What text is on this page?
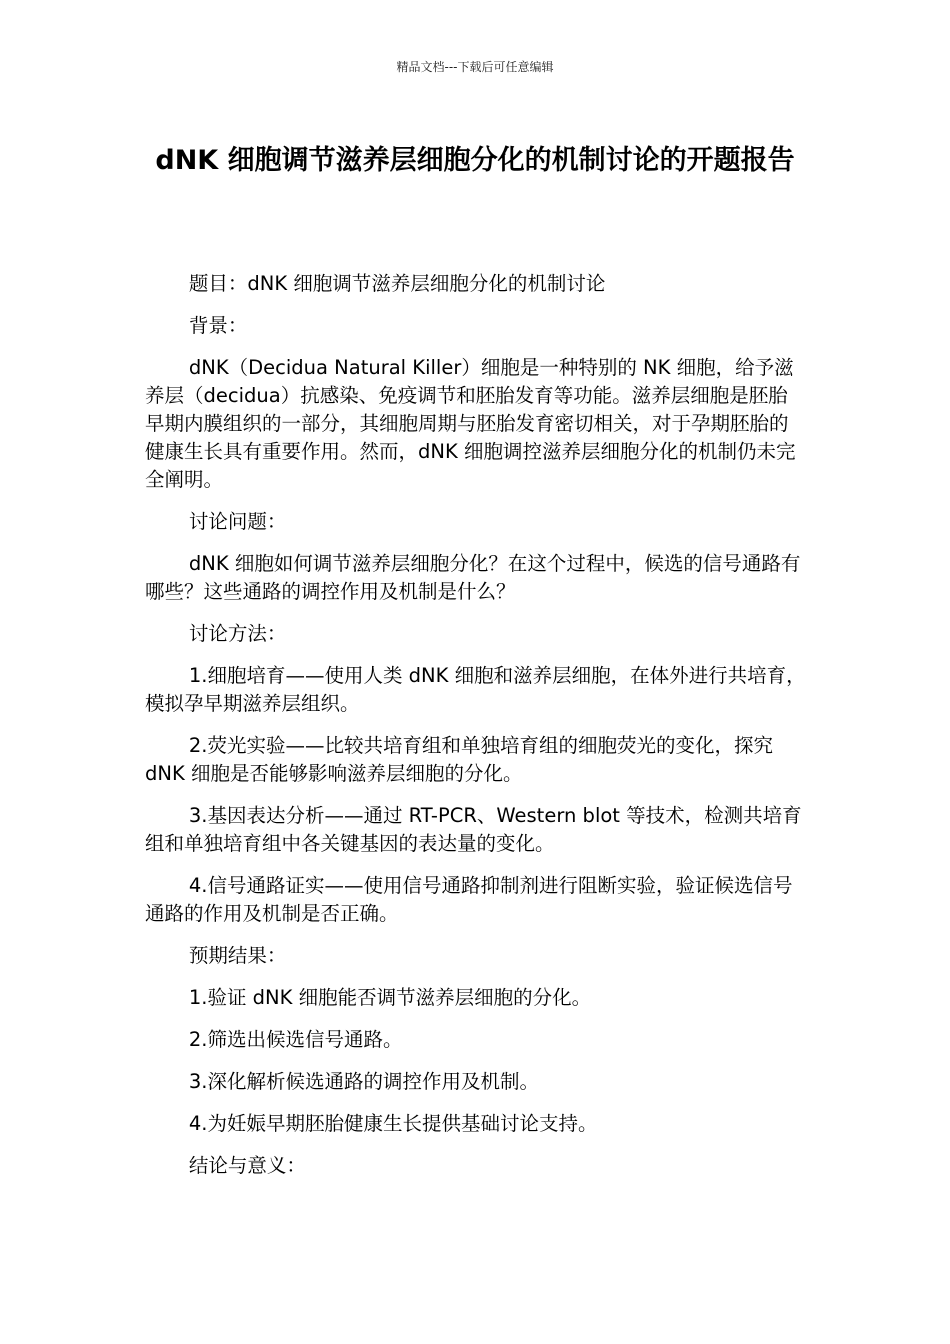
精品文档---下载后可任意编辑
dNK 细胞调节滋养层细胞分化的机制讨论的开题报告

题目：dNK 细胞调节滋养层细胞分化的机制讨论

背景：

dNK（Decidua Natural Killer）细胞是一种特别的 NK 细胞，给予滋养层（decidua）抗感染、免疫调节和胚胎发育等功能。滋养层细胞是胚胎早期内膜组织的一部分，其细胞周期与胚胎发育密切相关，对于孕期胚胎的健康生长具有重要作用。然而，dNK 细胞调控滋养层细胞分化的机制仍未完全阐明。

讨论问题：

dNK 细胞如何调节滋养层细胞分化？在这个过程中，候选的信号通路有哪些？这些通路的调控作用及机制是什么？

讨论方法：

1.细胞培育——使用人类 dNK 细胞和滋养层细胞，在体外进行共培育，模拟孕早期滋养层组织。

2.荧光实验——比较共培育组和单独培育组的细胞荧光的变化，探究 dNK 细胞是否能够影响滋养层细胞的分化。

3.基因表达分析——通过 RT-PCR、Western blot 等技术，检测共培育组和单独培育组中各关键基因的表达量的变化。

4.信号通路证实——使用信号通路抑制剂进行阻断实验，验证候选信号通路的作用及机制是否正确。

预期结果：

1.验证 dNK 细胞能否调节滋养层细胞的分化。

2.筛选出候选信号通路。

3.深化解析候选通路的调控作用及机制。

4.为妊娠早期胚胎健康生长提供基础讨论支持。

结论与意义：
